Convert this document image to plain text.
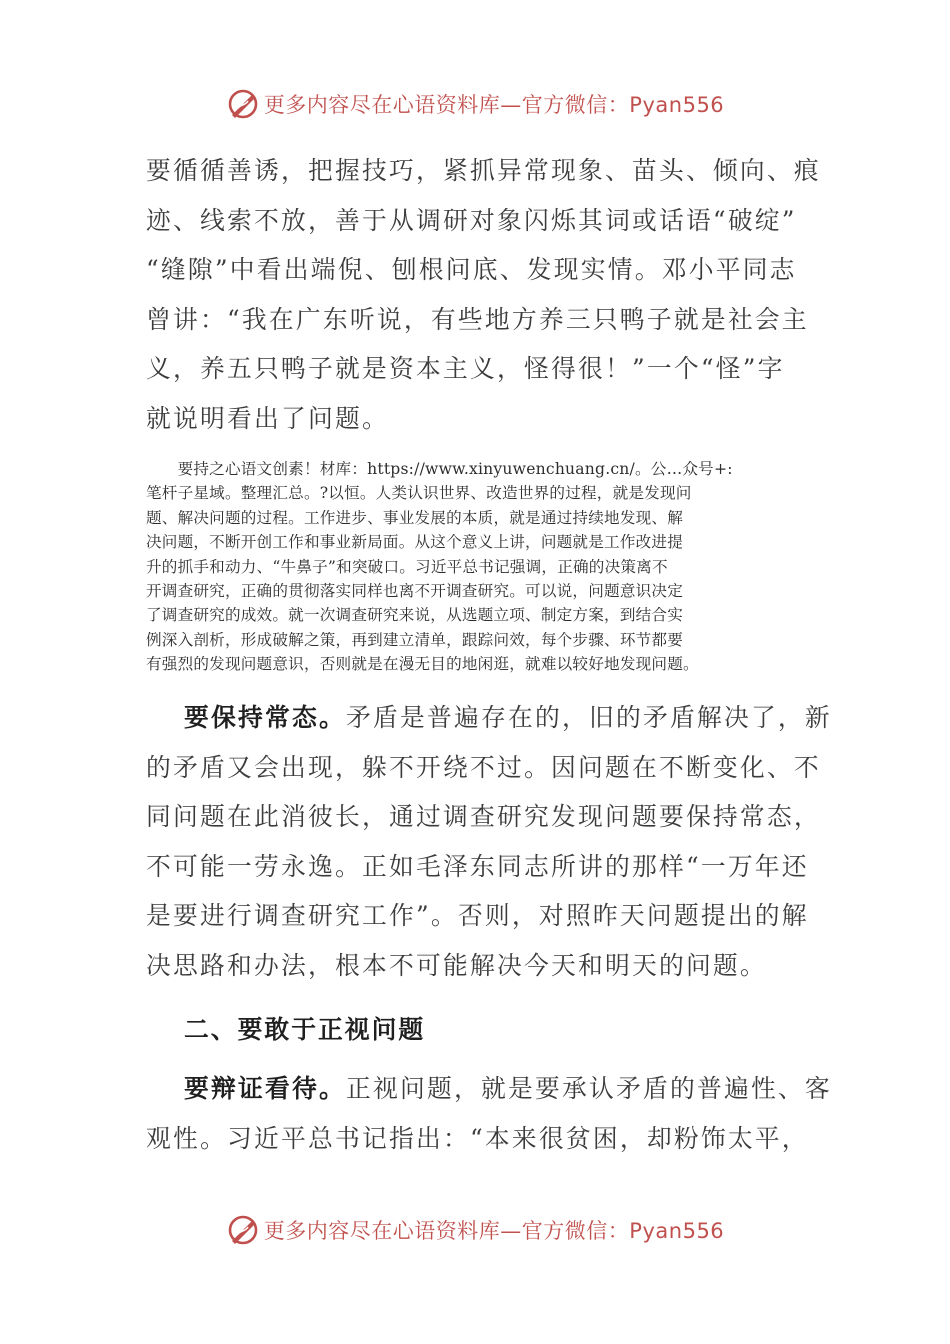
更多内容尽在心语资料库—官方微信：Pyan556

要循循善诱，把握技巧，紧抓异常现象、苗头、倾向、痕
迹、线索不放，善于从调研对象闪烁其词或话语“破绽”
“缝隙”中看出端倪、刨根问底、发现实情。邓小平同志
曾讲：“我在广东听说，有些地方养三只鸭子就是社会主
义，养五只鸭子就是资本主义，怪得很！”一个“怪”字
就说明看出了问题。

　　要持之心语文创素！材库：https://www.xinyuwenchuang.cn/。公…众号+:
笔杆子星域。整理汇总。?以恒。人类认识世界、改造世界的过程，就是发现问
题、解决问题的过程。工作进步、事业发展的本质，就是通过持续地发现、解
决问题，不断开创工作和事业新局面。从这个意义上讲，问题就是工作改进提
升的抓手和动力、“牛鼻子”和突破口。习近平总书记强调，正确的决策离不
开调查研究，正确的贯彻落实同样也离不开调查研究。可以说，问题意识决定
了调查研究的成效。就一次调查研究来说，从选题立项、制定方案，到结合实
例深入剖析，形成破解之策，再到建立清单，跟踪问效，每个步骤、环节都要
有强烈的发现问题意识，否则就是在漫无目的地闲逛，就难以较好地发现问题。

要保持常态。矛盾是普遍存在的，旧的矛盾解决了，新
的矛盾又会出现，躲不开绕不过。因问题在不断变化、不
同问题在此消彼长，通过调查研究发现问题要保持常态，
不可能一劳永逸。正如毛泽东同志所讲的那样“一万年还
是要进行调查研究工作”。否则，对照昨天问题提出的解
决思路和办法，根本不可能解决今天和明天的问题。

二、要敢于正视问题

要辩证看待。正视问题，就是要承认矛盾的普遍性、客
观性。习近平总书记指出：“本来很贫困，却粉饰太平，

更多内容尽在心语资料库—官方微信：Pyan556
